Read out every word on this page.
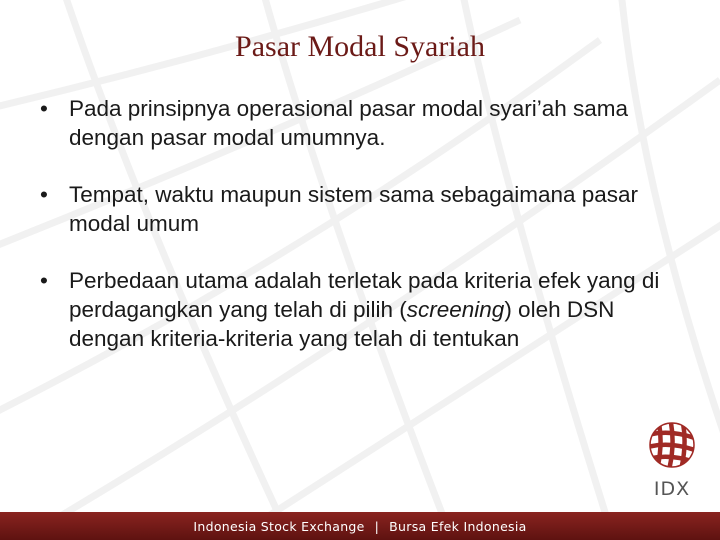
Pasar Modal Syariah
• Pada prinsipnya operasional pasar modal syari’ah sama dengan pasar modal umumnya.
• Tempat, waktu maupun sistem sama sebagaimana pasar modal umum
• Perbedaan utama adalah terletak pada kriteria efek yang di perdagangkan yang telah di pilih (screening) oleh DSN dengan kriteria-kriteria yang telah di tentukan
IDX
Indonesia Stock Exchange | Bursa Efek Indonesia
